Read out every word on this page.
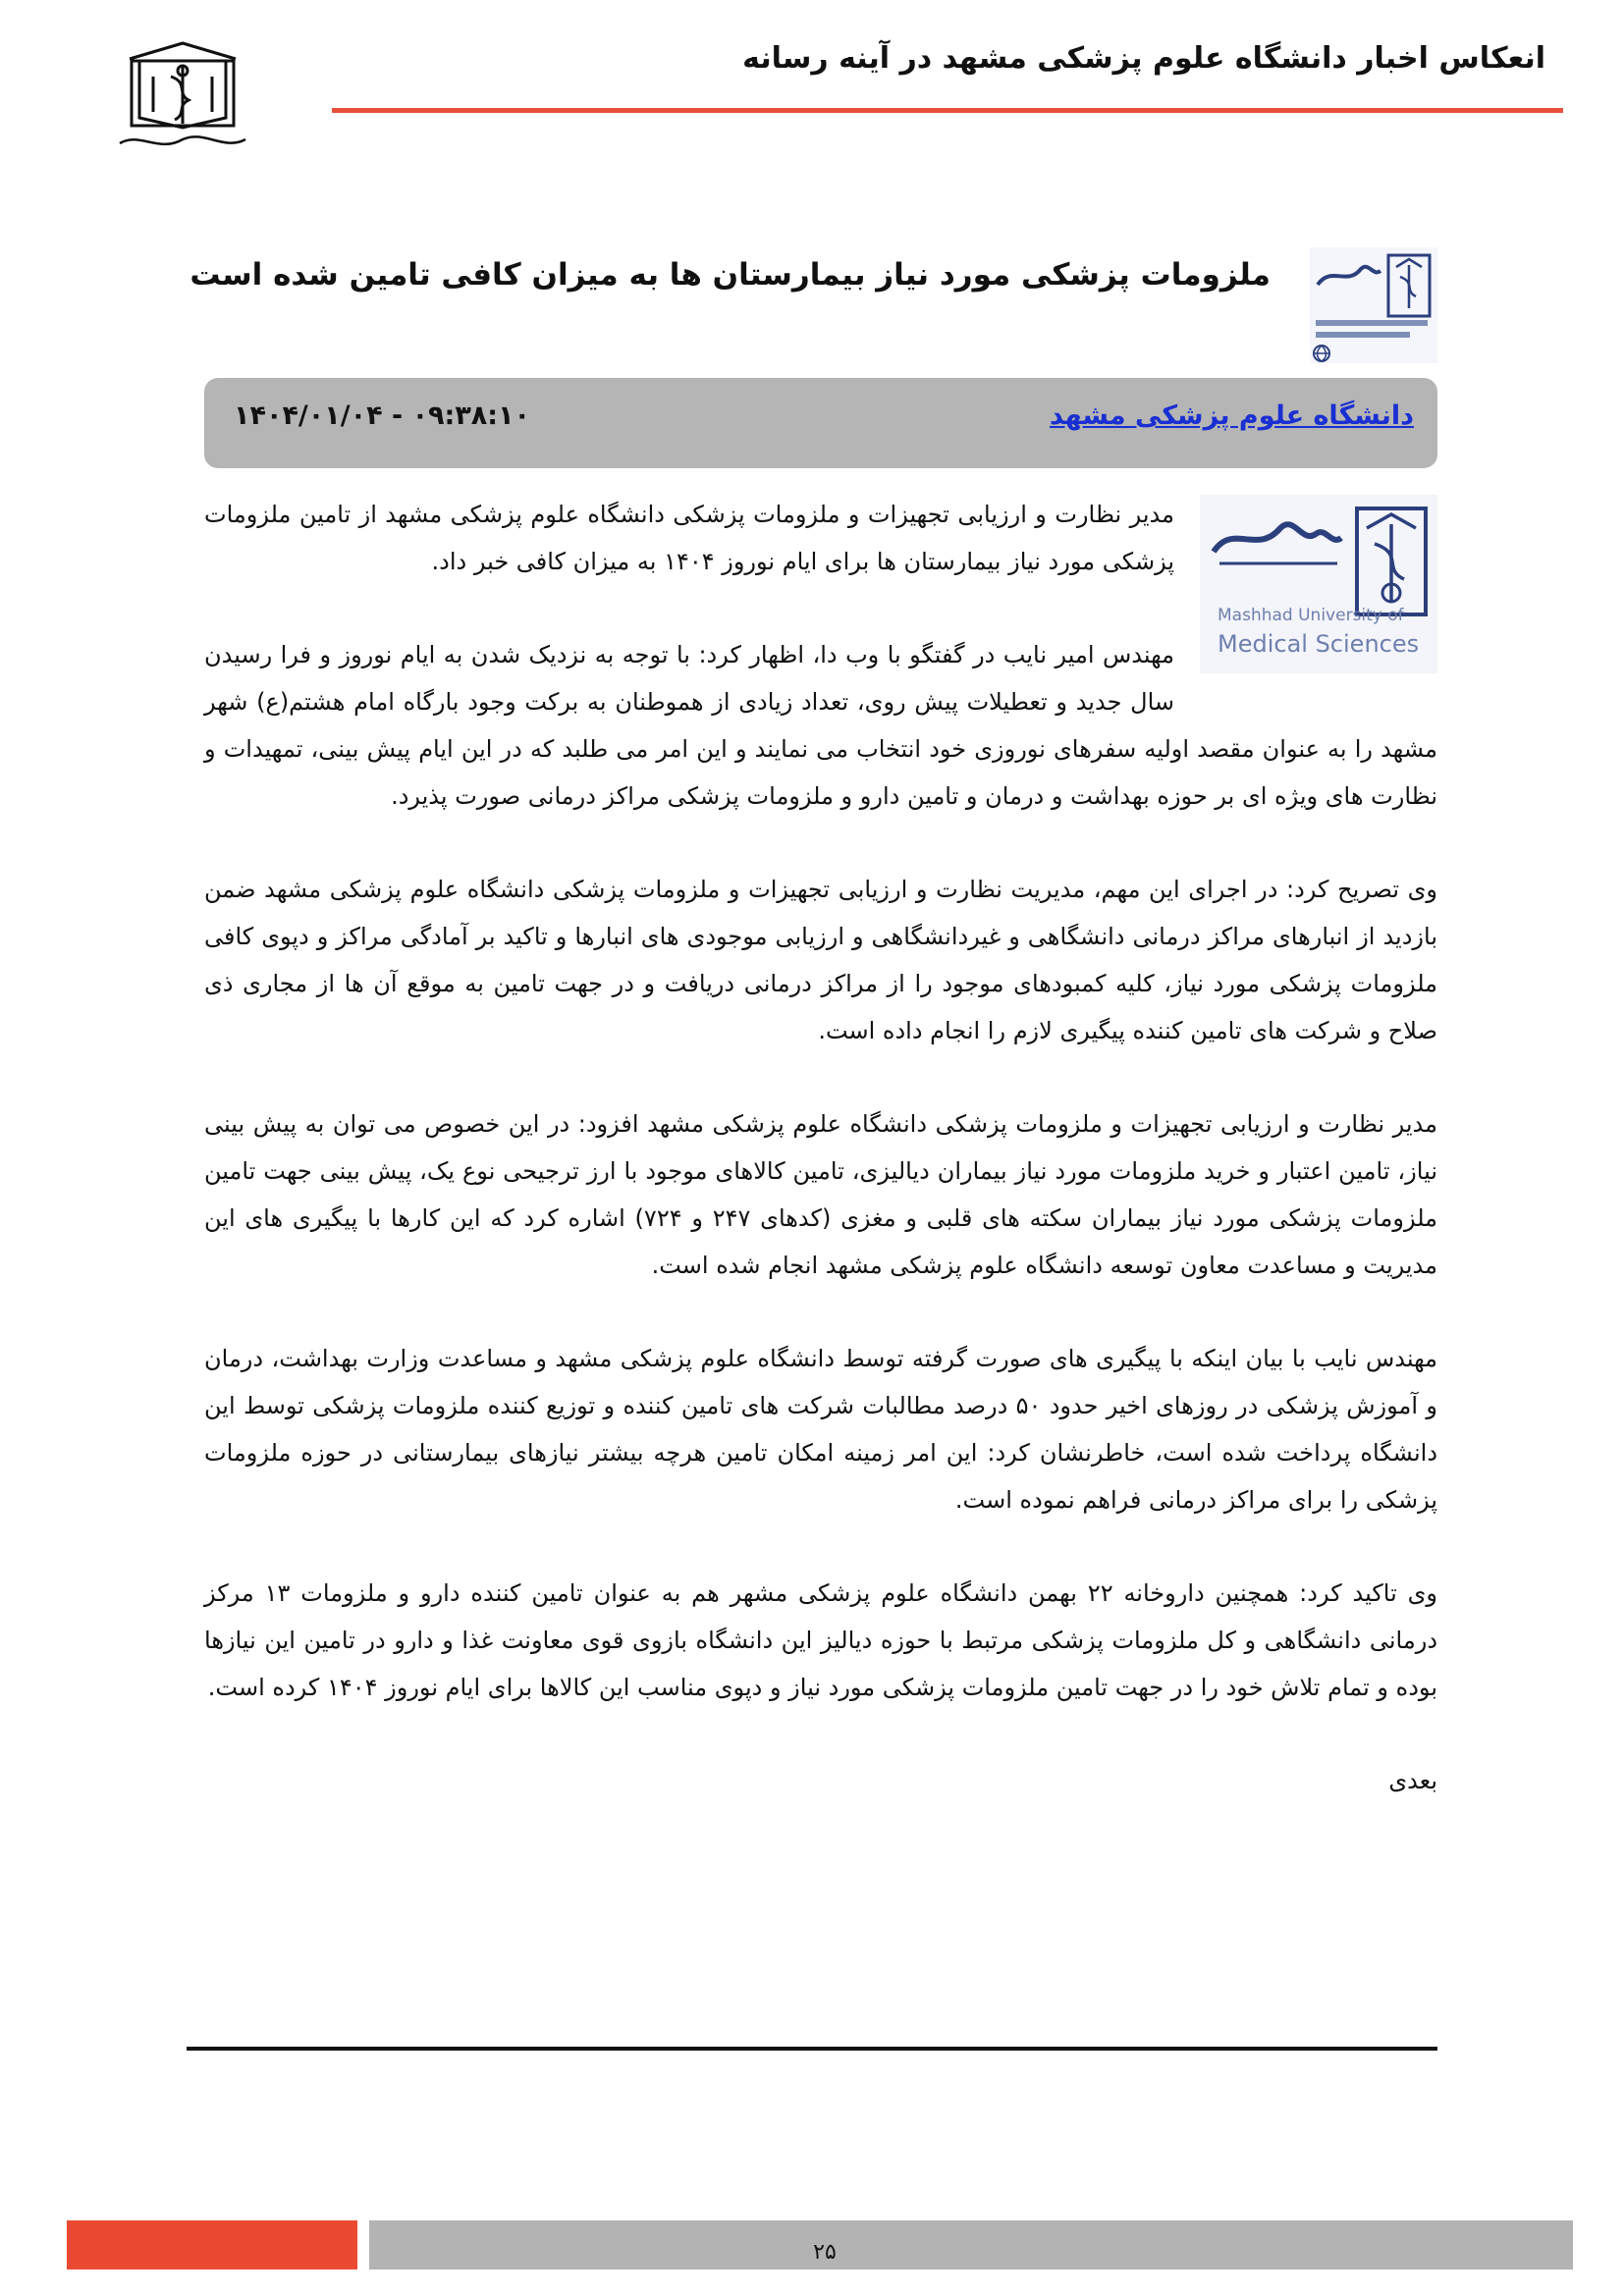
انعکاس اخبار دانشگاه علوم پزشکی مشهد در آینه رسانه
ملزومات پزشکی مورد نیاز بیمارستان ها به میزان کافی تامین شده است
دانشگاه علوم پزشکی مشهد
۱۴۰۴/۰۱/۰۴ - ۰۹:۳۸:۱۰
Mashhad University of
Medical Sciences

مدیر نظارت و ارزیابی تجهیزات و ملزومات پزشکی دانشگاه علوم پزشکی مشهد از تامین ملزومات پزشکی مورد نیاز بیمارستان ها برای ایام نوروز ۱۴۰۴ به میزان کافی خبر داد.

مهندس امیر نایب در گفتگو با وب دا، اظهار کرد: با توجه به نزدیک شدن به ایام نوروز و فرا رسیدن سال جدید و تعطیلات پیش روی، تعداد زیادی از هموطنان به برکت وجود بارگاه امام هشتم(ع) شهر مشهد را به عنوان مقصد اولیه سفرهای نوروزی خود انتخاب می نمایند و این امر می طلبد که در این ایام پیش بینی، تمهیدات و نظارت های ویژه ای بر حوزه بهداشت و درمان و تامین دارو و ملزومات پزشکی مراکز درمانی صورت پذیرد.

وی تصریح کرد: در اجرای این مهم، مدیریت نظارت و ارزیابی تجهیزات و ملزومات پزشکی دانشگاه علوم پزشکی مشهد ضمن بازدید از انبارهای مراکز درمانی دانشگاهی و غیردانشگاهی و ارزیابی موجودی های انبارها و تاکید بر آمادگی مراکز و دپوی کافی ملزومات پزشکی مورد نیاز، کلیه کمبودهای موجود را از مراکز درمانی دریافت و در جهت تامین به موقع آن ها از مجاری ذی صلاح و شرکت های تامین کننده پیگیری لازم را انجام داده است.

مدیر نظارت و ارزیابی تجهیزات و ملزومات پزشکی دانشگاه علوم پزشکی مشهد افزود: در این خصوص می توان به پیش بینی نیاز، تامین اعتبار و خرید ملزومات مورد نیاز بیماران دیالیزی، تامین کالاهای موجود با ارز ترجیحی نوع یک، پیش بینی جهت تامین ملزومات پزشکی مورد نیاز بیماران سکته های قلبی و مغزی (کدهای ۲۴۷ و ۷۲۴) اشاره کرد که این کارها با پیگیری های این مدیریت و مساعدت معاون توسعه دانشگاه علوم پزشکی مشهد انجام شده است.

مهندس نایب با بیان اینکه با پیگیری های صورت گرفته توسط دانشگاه علوم پزشکی مشهد و مساعدت وزارت بهداشت، درمان و آموزش پزشکی در روزهای اخیر حدود ۵۰ درصد مطالبات شرکت های تامین کننده و توزیع کننده ملزومات پزشکی توسط این دانشگاه پرداخت شده است، خاطرنشان کرد: این امر زمینه امکان تامین هرچه بیشتر نیازهای بیمارستانی در حوزه ملزومات پزشکی را برای مراکز درمانی فراهم نموده است.

وی تاکید کرد: همچنین داروخانه ۲۲ بهمن دانشگاه علوم پزشکی مشهر هم به عنوان تامین کننده دارو و ملزومات ۱۳ مرکز درمانی دانشگاهی و کل ملزومات پزشکی مرتبط با حوزه دیالیز این دانشگاه بازوی قوی معاونت غذا و دارو در تامین این نیازها بوده و تمام تلاش خود را در جهت تامین ملزومات پزشکی مورد نیاز و دپوی مناسب این کالاها برای ایام نوروز ۱۴۰۴ کرده است.

بعدی

۲۵
